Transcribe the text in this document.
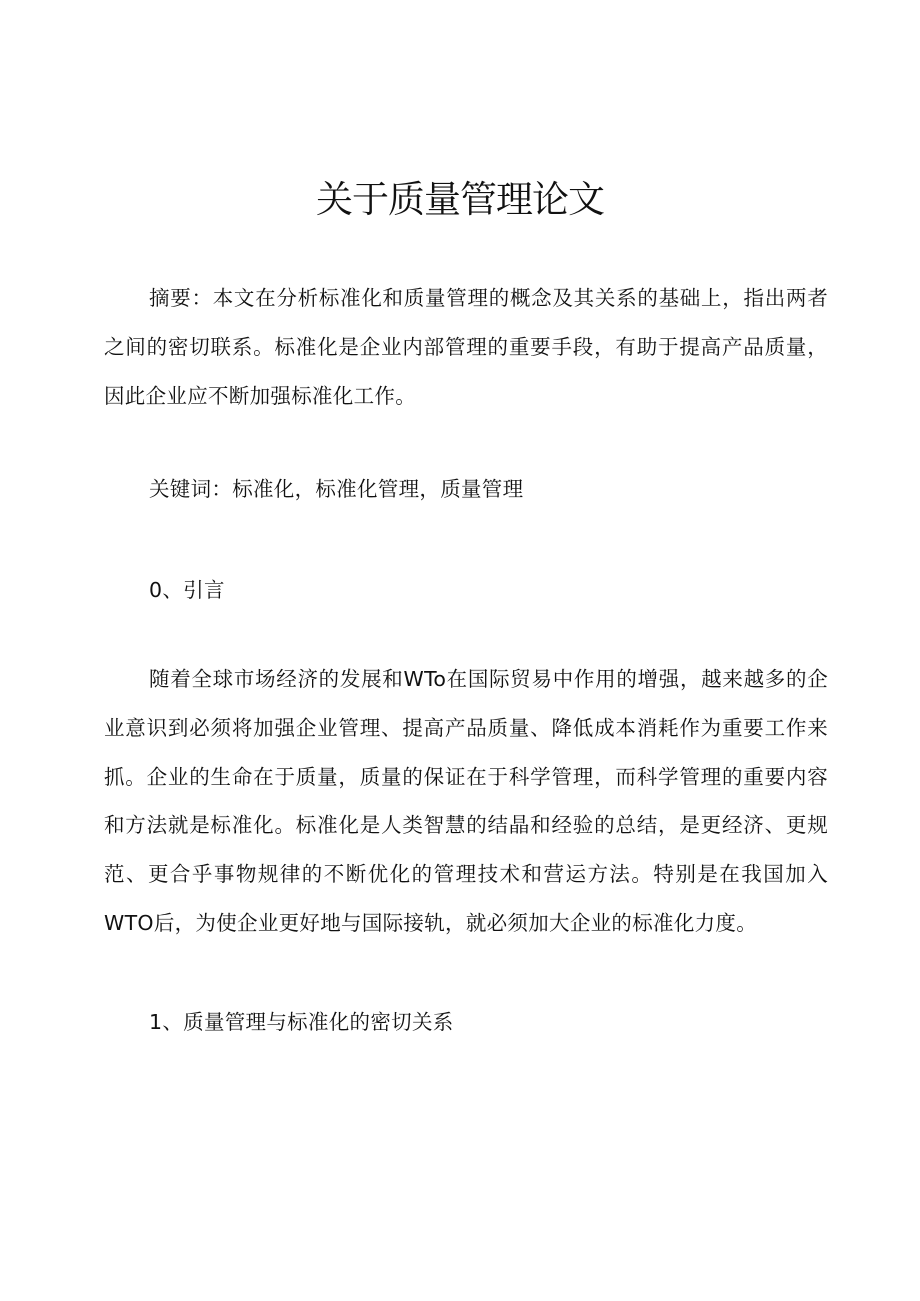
关于质量管理论文

摘要：本文在分析标准化和质量管理的概念及其关系的基础上，指出两者之间的密切联系。标准化是企业内部管理的重要手段，有助于提高产品质量，因此企业应不断加强标准化工作。

关键词：标准化，标准化管理，质量管理

0、引言

随着全球市场经济的发展和WTo在国际贸易中作用的增强，越来越多的企业意识到必须将加强企业管理、提高产品质量、降低成本消耗作为重要工作来抓。企业的生命在于质量，质量的保证在于科学管理，而科学管理的重要内容和方法就是标准化。标准化是人类智慧的结晶和经验的总结，是更经济、更规范、更合乎事物规律的不断优化的管理技术和营运方法。特别是在我国加入WTO后，为使企业更好地与国际接轨，就必须加大企业的标准化力度。

1、质量管理与标准化的密切关系
